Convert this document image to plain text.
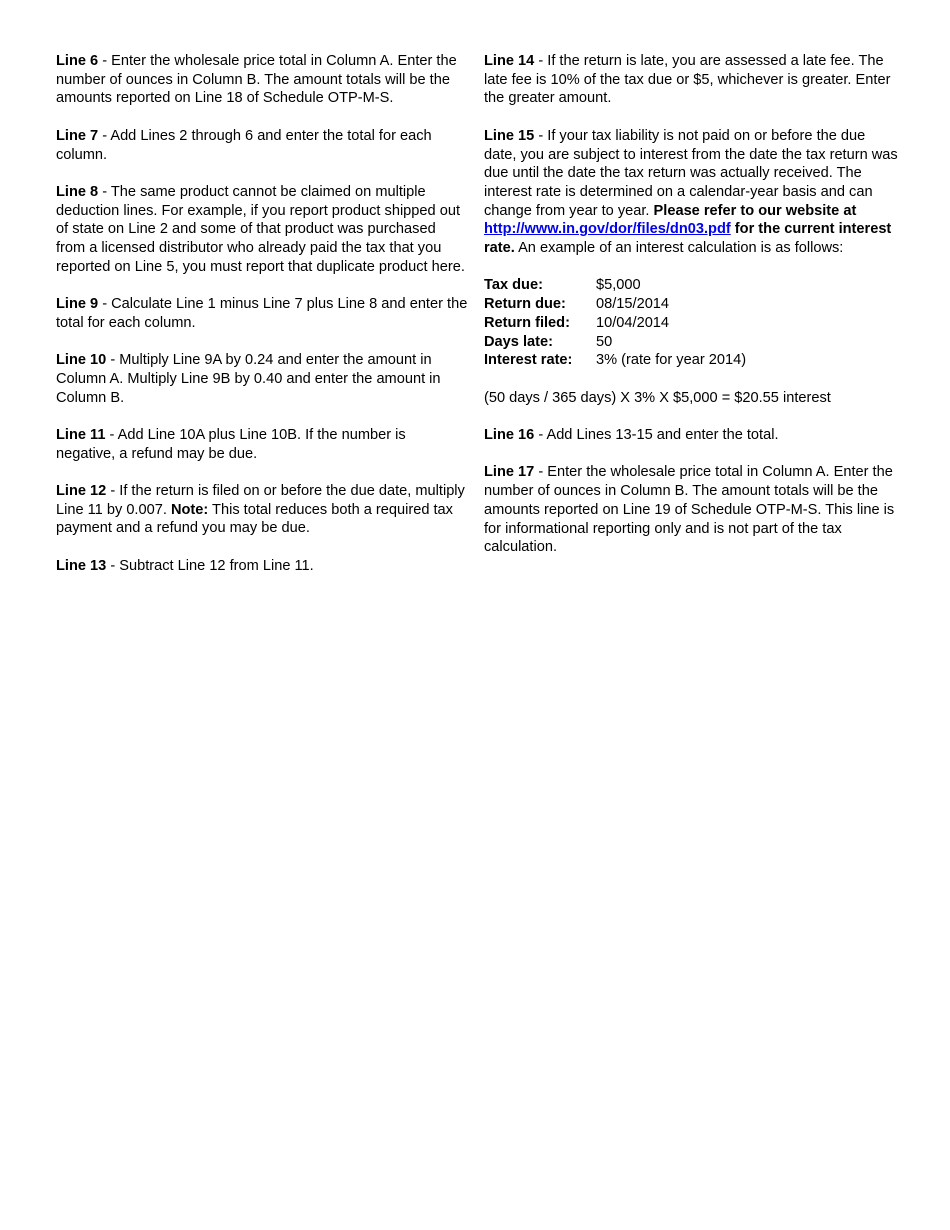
Line 6 - Enter the wholesale price total in Column A. Enter the number of ounces in Column B. The amount totals will be the amounts reported on Line 18 of Schedule OTP-M-S.

Line 7 - Add Lines 2 through 6 and enter the total for each column.

Line 8 - The same product cannot be claimed on multiple deduction lines. For example, if you report product shipped out of state on Line 2 and some of that product was purchased from a licensed distributor who already paid the tax that you reported on Line 5, you must report that duplicate product here.

Line 9 - Calculate Line 1 minus Line 7 plus Line 8 and enter the total for each column.

Line 10 - Multiply Line 9A by 0.24 and enter the amount in Column A. Multiply Line 9B by 0.40 and enter the amount in Column B.

Line 11 - Add Line 10A plus Line 10B. If the number is negative, a refund may be due.

Line 12 - If the return is filed on or before the due date, multiply Line 11 by 0.007. Note: This total reduces both a required tax payment and a refund you may be due.

Line 13 - Subtract Line 12 from Line 11.

Line 14 - If the return is late, you are assessed a late fee. The late fee is 10% of the tax due or $5, whichever is greater. Enter the greater amount.

Line 15 - If your tax liability is not paid on or before the due date, you are subject to interest from the date the tax return was due until the date the tax return was actually received. The interest rate is determined on a calendar-year basis and can change from year to year. Please refer to our website at http://www.in.gov/dor/files/dn03.pdf for the current interest rate. An example of an interest calculation is as follows:

Tax due:	$5,000
Return due:	08/15/2014
Return filed:	10/04/2014
Days late:	50
Interest rate:	3% (rate for year 2014)

(50 days / 365 days) X 3% X $5,000 = $20.55 interest

Line 16 - Add Lines 13-15 and enter the total.

Line 17 - Enter the wholesale price total in Column A. Enter the number of ounces in Column B. The amount totals will be the amounts reported on Line 19 of Schedule OTP-M-S. This line is for informational reporting only and is not part of the tax calculation.
